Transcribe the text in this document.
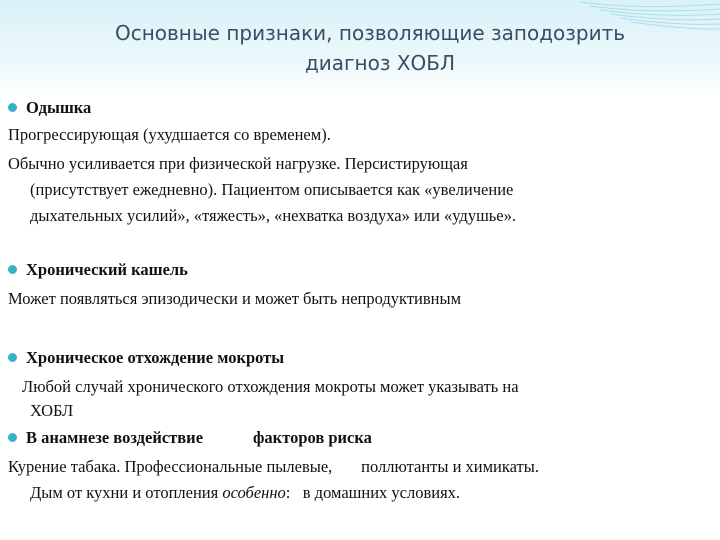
Основные признаки, позволяющие заподозрить
диагноз ХОБЛ
Одышка
Прогрессирующая (ухудшается со временем).
Обычно усиливается при физической нагрузке. Персистирующая
(присутствует ежедневно). Пациентом описывается как «увеличение
дыхательных усилий», «тяжесть», «нехватка воздуха» или «удушье».
Хронический кашель
Может появляться эпизодически и может быть непродуктивным
Хроническое отхождение мокроты
Любой случай хронического отхождения мокроты может указывать на
ХОБЛ
В анамнезе воздействие	факторов риска
Курение табака. Профессиональные пылевые,       поллютанты и химикаты.
Дым от кухни и отопления особенно:   в домашних условиях.
